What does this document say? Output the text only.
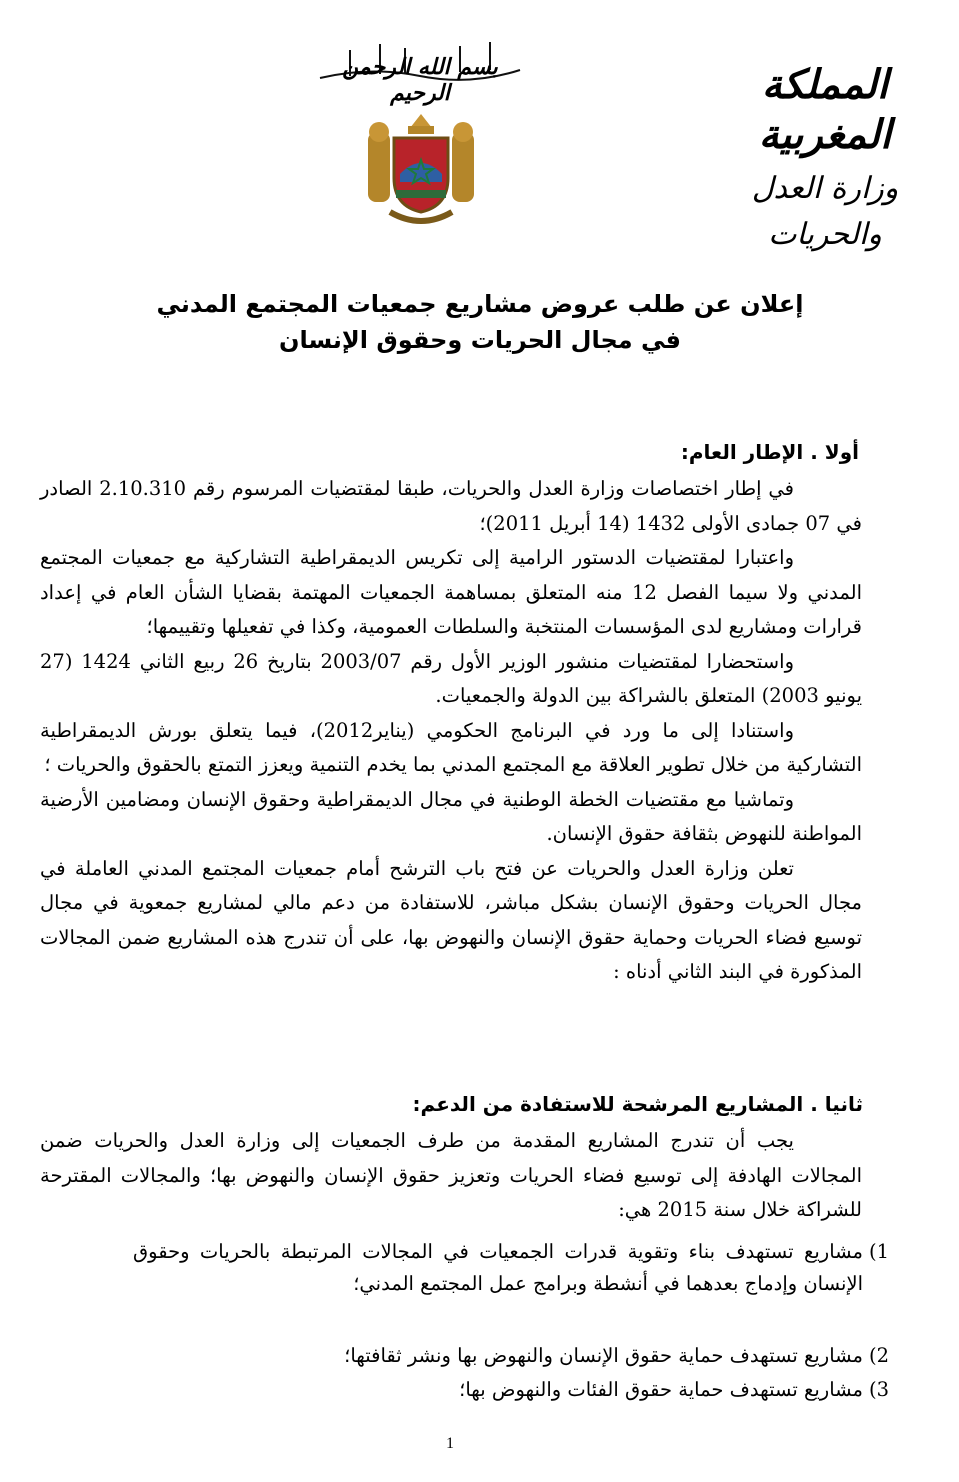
بسم الله الرحمن الرحيم	المملكة المغربية
وزارة العدل والحريات
إعلان عن طلب عروض مشاريع جمعيات المجتمع المدني
في مجال الحريات وحقوق الإنسان
أولا . الإطار العام:

في إطار اختصاصات وزارة العدل والحريات، طبقا لمقتضيات المرسوم رقم 2.10.310 الصادر في 07 جمادى الأولى 1432 (14 أبريل 2011)؛

واعتبارا لمقتضيات الدستور الرامية إلى تكريس الديمقراطية التشاركية مع جمعيات المجتمع المدني ولا سيما الفصل 12 منه المتعلق بمساهمة الجمعيات المهتمة بقضايا الشأن العام في إعداد قرارات ومشاريع لدى المؤسسات المنتخبة والسلطات العمومية، وكذا في تفعيلها وتقييمها؛

واستحضارا لمقتضيات منشور الوزير الأول رقم 2003/07 بتاريخ 26 ربيع الثاني 1424 (27 يونيو 2003) المتعلق بالشراكة بين الدولة والجمعيات.

واستنادا إلى ما ورد في البرنامج الحكومي (يناير2012)، فيما يتعلق بورش الديمقراطية التشاركية من خلال تطوير العلاقة مع المجتمع المدني بما يخدم التنمية ويعزز التمتع بالحقوق والحريات ؛

وتماشيا مع مقتضيات الخطة الوطنية في مجال الديمقراطية وحقوق الإنسان ومضامين الأرضية المواطنة للنهوض بثقافة حقوق الإنسان.

تعلن وزارة العدل والحريات عن فتح باب الترشح أمام جمعيات المجتمع المدني العاملة في مجال الحريات وحقوق الإنسان بشكل مباشر، للاستفادة من دعم مالي لمشاريع جمعوية في مجال توسيع فضاء الحريات وحماية حقوق الإنسان والنهوض بها، على أن تندرج هذه المشاريع ضمن المجالات المذكورة في البند الثاني أدناه :

ثانيا . المشاريع المرشحة للاستفادة من الدعم:

يجب أن تندرج المشاريع المقدمة من طرف الجمعيات إلى وزارة العدل والحريات ضمن المجالات الهادفة إلى توسيع فضاء الحريات وتعزيز حقوق الإنسان والنهوض بها؛ والمجالات المقترحة للشراكة خلال سنة 2015 هي:

1)
مشاريع تستهدف بناء وتقوية قدرات الجمعيات في المجالات المرتبطة بالحريات وحقوق الإنسان وإدماج بعدهما في أنشطة وبرامج عمل المجتمع المدني؛
2)
مشاريع تستهدف حماية حقوق الإنسان والنهوض بها ونشر ثقافتها؛
3)
مشاريع تستهدف حماية حقوق الفئات والنهوض بها؛
1
